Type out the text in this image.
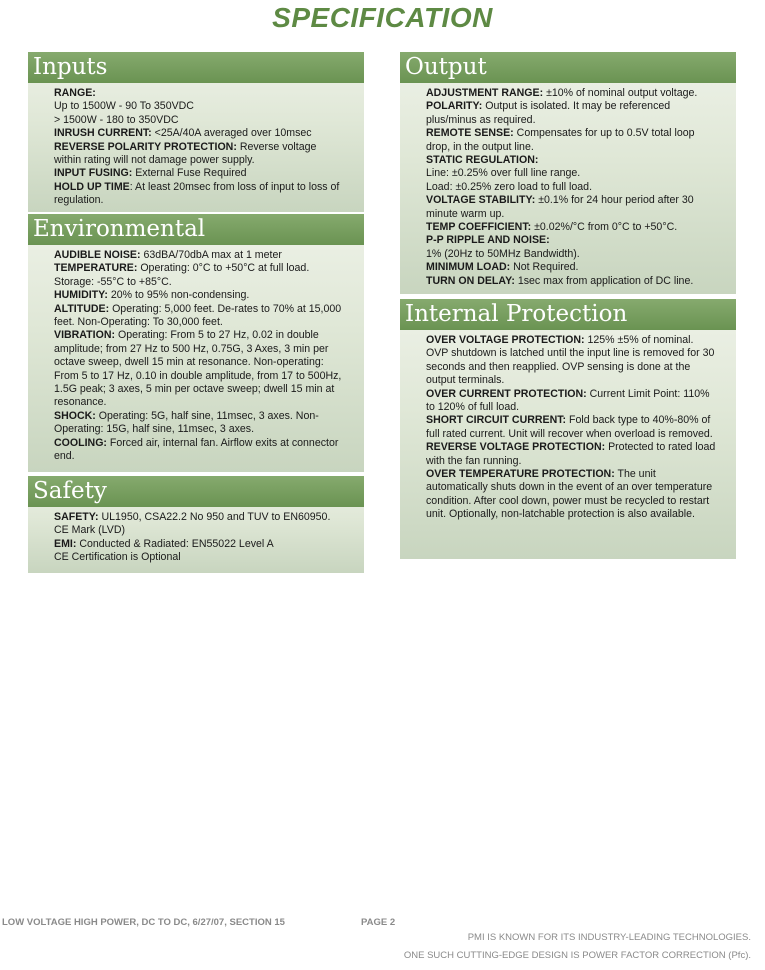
SPECIFICATION
Inputs

RANGE:

Up to 1500W - 90 To 350VDC

> 1500W - 180 to 350VDC

INRUSH CURRENT: <25A/40A averaged over 10msec

REVERSE POLARITY PROTECTION: Reverse voltage within rating will not damage power supply.

INPUT FUSING: External Fuse Required

HOLD UP TIME: At least 20msec from loss of input to loss of regulation.

Environmental

AUDIBLE NOISE: 63dBA/70dbA max at 1 meter

TEMPERATURE: Operating: 0°C to +50°C at full load. Storage: -55°C to +85°C.

HUMIDITY: 20% to 95% non-condensing.

ALTITUDE: Operating: 5,000 feet. De-rates to 70% at 15,000 feet. Non-Operating: To 30,000 feet.

VIBRATION: Operating: From 5 to 27 Hz, 0.02 in double amplitude; from 27 Hz to 500 Hz, 0.75G, 3 Axes, 3 min per octave sweep, dwell 15 min at resonance. Non-operating: From 5 to 17 Hz, 0.10 in double amplitude, from 17 to 500Hz, 1.5G peak; 3 axes, 5 min per octave sweep; dwell 15 min at resonance.

SHOCK: Operating: 5G, half sine, 11msec, 3 axes. Non-Operating: 15G, half sine, 11msec, 3 axes.

COOLING: Forced air, internal fan. Airflow exits at connector end.

Safety

SAFETY: UL1950, CSA22.2 No 950 and TUV to EN60950. CE Mark (LVD)

EMI: Conducted & Radiated: EN55022 Level A

CE Certification is Optional

Output

ADJUSTMENT RANGE: ±10% of nominal output voltage.

POLARITY: Output is isolated. It may be referenced plus/minus as required.

REMOTE SENSE: Compensates for up to 0.5V total loop drop, in the output line.

STATIC REGULATION:

Line: ±0.25% over full line range.

Load: ±0.25% zero load to full load.

VOLTAGE STABILITY: ±0.1% for 24 hour period after 30 minute warm up.

TEMP COEFFICIENT: ±0.02%/°C from 0°C to +50°C.

P-P RIPPLE AND NOISE:

1% (20Hz to 50MHz Bandwidth).

MINIMUM LOAD: Not Required.

TURN ON DELAY: 1sec max from application of DC line.

Internal Protection

OVER VOLTAGE PROTECTION: 125% ±5% of nominal. OVP shutdown is latched until the input line is removed for 30 seconds and then reapplied. OVP sensing is done at the output terminals.

OVER CURRENT PROTECTION: Current Limit Point: 110% to 120% of full load.

SHORT CIRCUIT CURRENT: Fold back type to 40%-80% of full rated current. Unit will recover when overload is removed.

REVERSE VOLTAGE PROTECTION: Protected to rated load with the fan running.

OVER TEMPERATURE PROTECTION: The unit automatically shuts down in the event of an over temperature condition. After cool down, power must be recycled to restart unit. Optionally, non-latchable protection is also available.

LOW VOLTAGE HIGH POWER, DC TO DC, 6/27/07, SECTION 15	PAGE 2
PMI IS KNOWN FOR ITS INDUSTRY-LEADING TECHNOLOGIES.
ONE SUCH CUTTING-EDGE DESIGN IS POWER FACTOR CORRECTION (Pfc).
